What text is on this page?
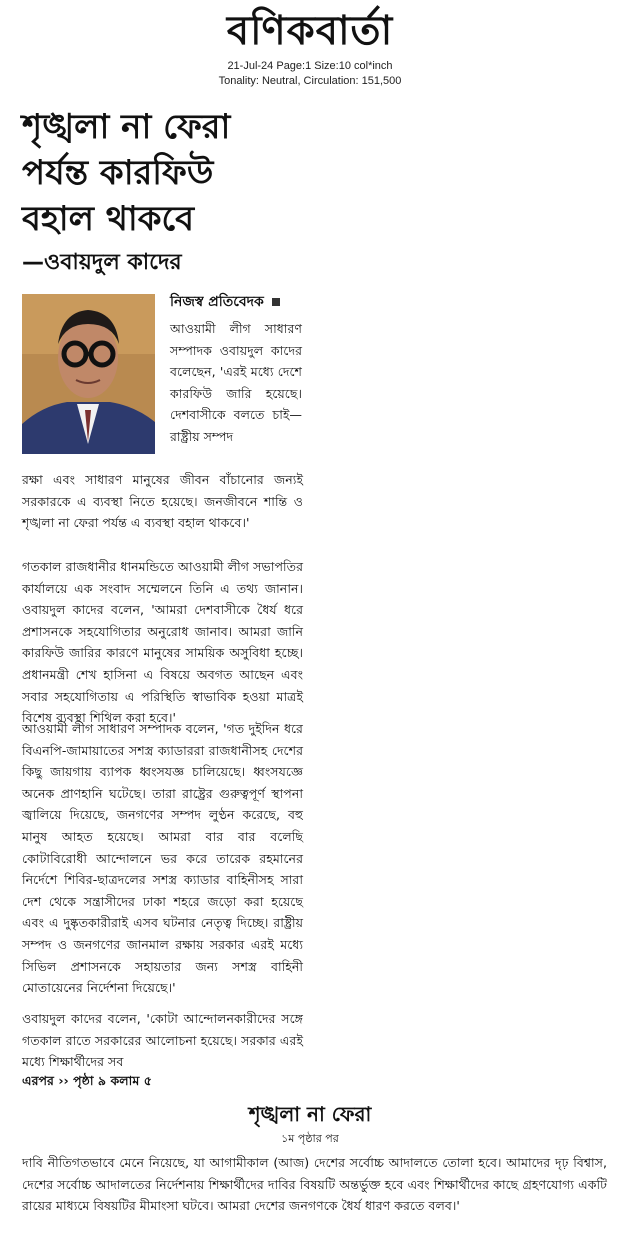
বণিকবার্তা
21-Jul-24 Page:1 Size:10 col*inch
Tonality: Neutral, Circulation: 151,500
শৃঙ্খলা না ফেরা
পর্যন্ত কারফিউ
বহাল থাকবে
—ওবায়দুল কাদের
নিজস্ব প্রতিবেদক

আওয়ামী লীগ সাধারণ সম্পাদক ওবায়দুল কাদের বলেছেন, 'এরই মধ্যে দেশে কারফিউ জারি হয়েছে। দেশবাসীকে বলতে চাই—রাষ্ট্রীয় সম্পদ

রক্ষা এবং সাধারণ মানুষের জীবন বাঁচানোর জন্যই সরকারকে এ ব্যবস্থা নিতে হয়েছে। জনজীবনে শান্তি ও শৃঙ্খলা না ফেরা পর্যন্ত এ ব্যবস্থা বহাল থাকবে।'

গতকাল রাজধানীর ধানমন্ডিতে আওয়ামী লীগ সভাপতির কার্যালয়ে এক সংবাদ সম্মেলনে তিনি এ তথ্য জানান। ওবায়দুল কাদের বলেন, 'আমরা দেশবাসীকে ধৈর্য ধরে প্রশাসনকে সহযোগিতার অনুরোধ জানাব। আমরা জানি কারফিউ জারির কারণে মানুষের সাময়িক অসুবিধা হচ্ছে। প্রধানমন্ত্রী শেখ হাসিনা এ বিষয়ে অবগত আছেন এবং সবার সহযোগিতায় এ পরিস্থিতি স্বাভাবিক হওয়া মাত্রই বিশেষ ব্যবস্থা শিথিল করা হবে।'

আওয়ামী লীগ সাধারণ সম্পাদক বলেন, 'গত দুইদিন ধরে বিএনপি-জামায়াতের সশস্ত্র ক্যাডাররা রাজধানীসহ দেশের কিছু জায়গায় ব্যাপক ধ্বংসযজ্ঞ চালিয়েছে। ধ্বংসযজ্ঞে অনেক প্রাণহানি ঘটেছে। তারা রাষ্ট্রের গুরুত্বপূর্ণ স্থাপনা জ্বালিয়ে দিয়েছে, জনগণের সম্পদ লুণ্ঠন করেছে, বহু মানুষ আহত হয়েছে। আমরা বার বার বলেছি কোটাবিরোধী আন্দোলনে ভর করে তারেক রহমানের নির্দেশে শিবির-ছাত্রদলের সশস্ত্র ক্যাডার বাহিনীসহ সারা দেশ থেকে সন্ত্রাসীদের ঢাকা শহরে জড়ো করা হয়েছে এবং এ দুষ্কৃতকারীরাই এসব ঘটনার নেতৃত্ব দিচ্ছে। রাষ্ট্রীয় সম্পদ ও জনগণের জানমাল রক্ষায় সরকার এরই মধ্যে সিভিল প্রশাসনকে সহায়তার জন্য সশস্ত্র বাহিনী মোতায়েনের নির্দেশনা দিয়েছে।'

ওবায়দুল কাদের বলেন, 'কোটা আন্দোলনকারীদের সঙ্গে গতকাল রাতে সরকারের আলোচনা হয়েছে। সরকার এরই মধ্যে শিক্ষার্থীদের সব

এরপর ›› পৃষ্ঠা ৯ কলাম ৫
শৃঙ্খলা না ফেরা
১ম পৃষ্ঠার পর

দাবি নীতিগতভাবে মেনে নিয়েছে, যা আগামীকাল (আজ) দেশের সর্বোচ্চ আদালতে তোলা হবে। আমাদের দৃঢ় বিশ্বাস, দেশের সর্বোচ্চ আদালতের নির্দেশনায় শিক্ষার্থীদের দাবির বিষয়টি অন্তর্ভুক্ত হবে এবং শিক্ষার্থীদের কাছে গ্রহণযোগ্য একটি রায়ের মাধ্যমে বিষয়টির মীমাংসা ঘটবে। আমরা দেশের জনগণকে ধৈর্য ধারণ করতে বলব।'
